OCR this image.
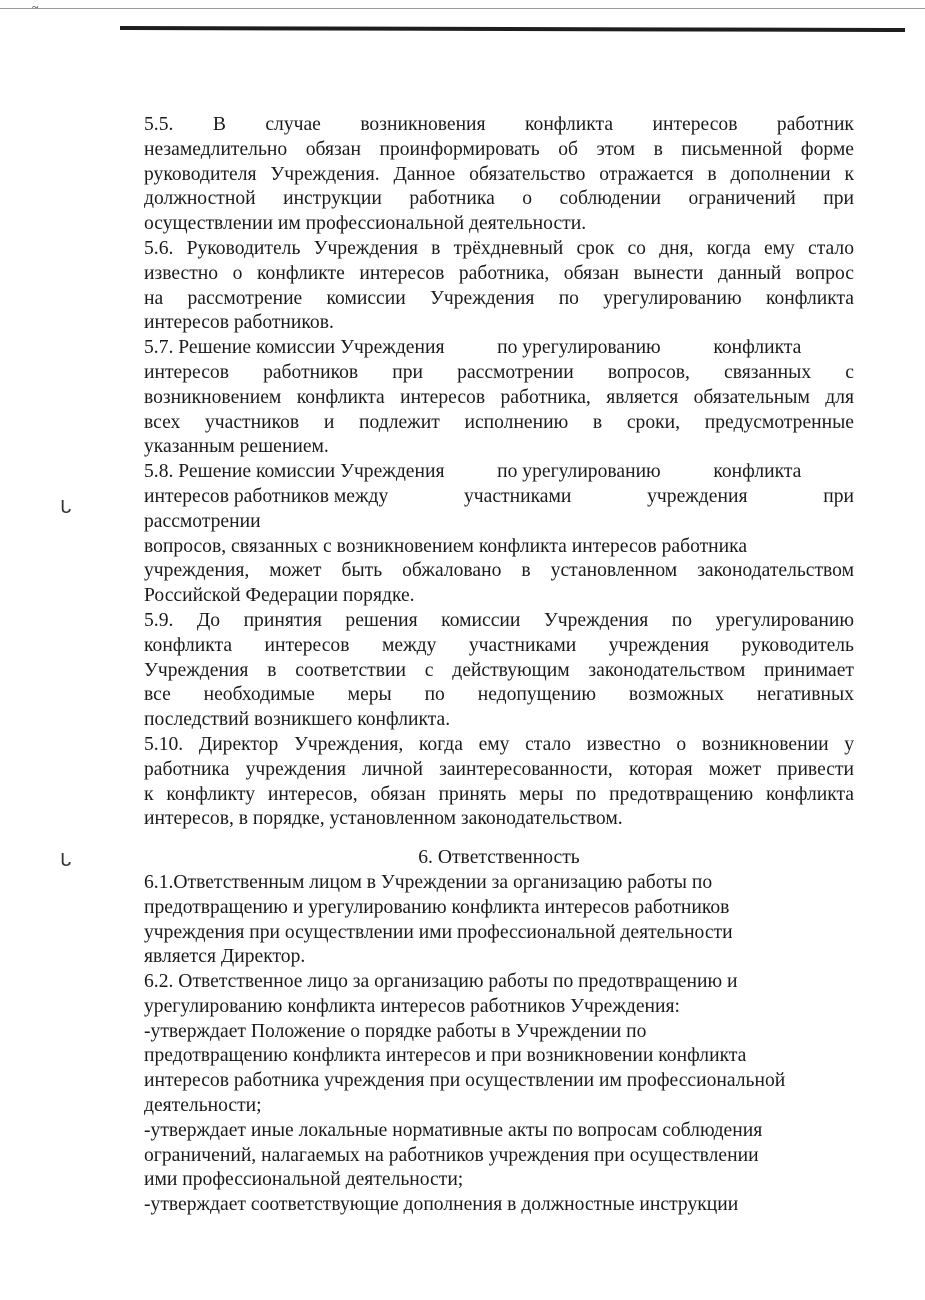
~
ᒐ
ᒐ

5.5. В случае возникновения конфликта интересов работник

незамедлительно обязан проинформировать об этом в письменной форме

руководителя Учреждения. Данное обязательство отражается в дополнении к

должностной инструкции работника о соблюдении ограничений при

осуществлении им профессиональной деятельности.

5.6. Руководитель Учреждения в трёхдневный срок со дня, когда ему стало

известно о конфликте интересов работника, обязан вынести данный вопрос

на рассмотрение комиссии Учреждения по урегулированию конфликта

интересов работников.

5.7. Решение комиссии Учреждения	по урегулированию	конфликта

интересов работников при рассмотрении вопросов, связанных с

возникновением конфликта интересов работника, является обязательным для

всех участников и подлежит исполнению в сроки, предусмотренные

указанным решением.

5.8. Решение комиссии Учреждения	по урегулированию	конфликта

интересов работников между	участниками	учреждения	при

рассмотрении

вопросов, связанных с возникновением конфликта интересов работника

учреждения, может быть обжаловано в установленном законодательством

Российской Федерации порядке.

5.9. До принятия решения комиссии Учреждения по урегулированию

конфликта интересов между участниками учреждения руководитель

Учреждения в соответствии с действующим законодательством принимает

все необходимые меры по недопущению возможных негативных

последствий возникшего конфликта.

5.10. Директор Учреждения, когда ему стало известно о возникновении у

работника учреждения личной заинтересованности, которая может привести

к конфликту интересов, обязан принять меры по предотвращению конфликта

интересов, в порядке, установленном законодательством.

6. Ответственность

6.1.Ответственным лицом в Учреждении за организацию работы по

предотвращению и урегулированию конфликта интересов работников

учреждения при осуществлении ими профессиональной деятельности

является Директор.

6.2. Ответственное лицо за организацию работы по предотвращению и

урегулированию конфликта интересов работников Учреждения:

-утверждает Положение о порядке работы в Учреждении по

предотвращению конфликта интересов и при возникновении конфликта

интересов работника учреждения при осуществлении им профессиональной

деятельности;

-утверждает иные локальные нормативные акты по вопросам соблюдения

ограничений, налагаемых на работников учреждения при осуществлении

ими профессиональной деятельности;

-утверждает соответствующие дополнения в должностные инструкции
